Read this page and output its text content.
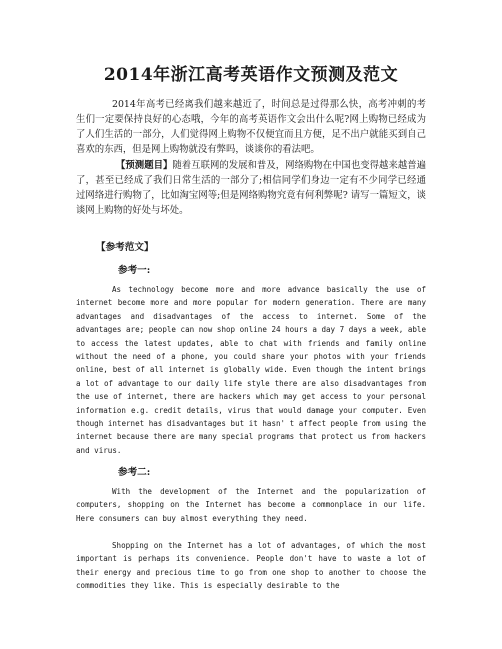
2014年浙江高考英语作文预测及范文
2014年高考已经离我们越来越近了，时间总是过得那么快，高考冲刺的考生们一定要保持良好的心态哦，今年的高考英语作文会出什么呢?网上购物已经成为了人们生活的一部分，人们觉得网上购物不仅便宜而且方便，足不出户就能买到自己喜欢的东西，但是网上购物就没有弊吗，谈谈你的看法吧。
【预测题目】随着互联网的发展和普及，网络购物在中国也变得越来越普遍了，甚至已经成了我们日常生活的一部分了;相信同学们身边一定有不少同学已经通过网络进行购物了，比如淘宝网等;但是网络购物究竟有何利弊呢? 请写一篇短文，谈谈网上购物的好处与坏处。
【参考范文】
参考一:
As technology become more and more advance basically the use of internet become more and more popular for modern generation. There are many advantages and disadvantages of the access to internet. Some of the advantages are; people can now shop online 24 hours a day 7 days a week, able to access the latest updates, able to chat with friends and family online without the need of a phone, you could share your photos with your friends online, best of all internet is globally wide. Even though the intent brings a lot of advantage to our daily life style there are also disadvantages from the use of internet, there are hackers which may get access to your personal information e.g. credit details, virus that would damage your computer. Even though internet has disadvantages but it hasn' t affect people from using the internet because there are many special programs that protect us from hackers and virus.
参考二:
With the development of the Internet and the popularization of computers, shopping on the Internet has become a commonplace in our life. Here consumers can buy almost everything they need.
Shopping on the Internet has a lot of advantages, of which the most important is perhaps its convenience. People don't have to waste a lot of their energy and precious time to go from one shop to another to choose the commodities they like. This is especially desirable to the
